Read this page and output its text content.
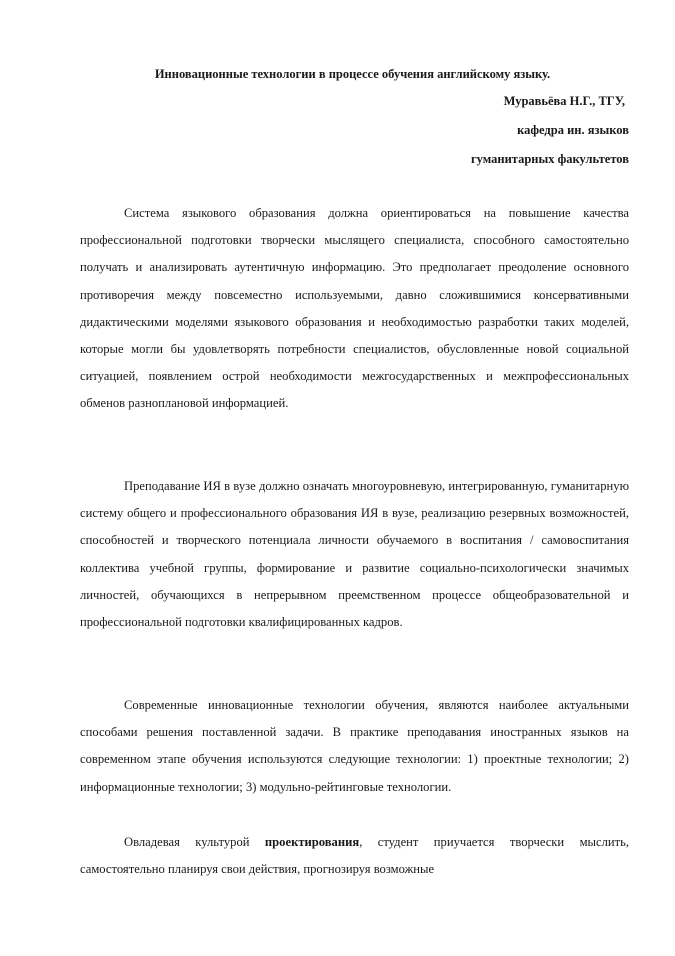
Инновационные технологии в процессе обучения английскому языку.
Муравьёва Н.Г., ТГУ,
кафедра ин. языков
гуманитарных факультетов

Система языкового образования должна ориентироваться на повышение качества профессиональной подготовки творчески мыслящего специалиста, способного самостоятельно получать и анализировать аутентичную информацию. Это предполагает преодоление основного противоречия между повсеместно используемыми, давно сложившимися консервативными дидактическими моделями языкового образования и необходимостью разработки таких моделей, которые могли бы удовлетворять потребности специалистов, обусловленные новой социальной ситуацией, появлением острой необходимости межгосударственных и межпрофессиональных обменов разноплановой информацией.

Преподавание ИЯ в вузе должно означать многоуровневую, интегрированную, гуманитарную систему общего и профессионального образования ИЯ в вузе, реализацию резервных возможностей, способностей и творческого потенциала личности обучаемого в воспитания / самовоспитания коллектива учебной группы, формирование и развитие социально-психологически значимых личностей, обучающихся в непрерывном преемственном процессе общеобразовательной и профессиональной подготовки квалифицированных кадров.

Современные инновационные технологии обучения, являются наиболее актуальными способами решения поставленной задачи. В практике преподавания иностранных языков на современном этапе обучения используются следующие технологии: 1) проектные технологии; 2) информационные технологии; 3) модульно-рейтинговые технологии.

Овладевая культурой проектирования, студент приучается творчески мыслить, самостоятельно планируя свои действия, прогнозируя возможные
